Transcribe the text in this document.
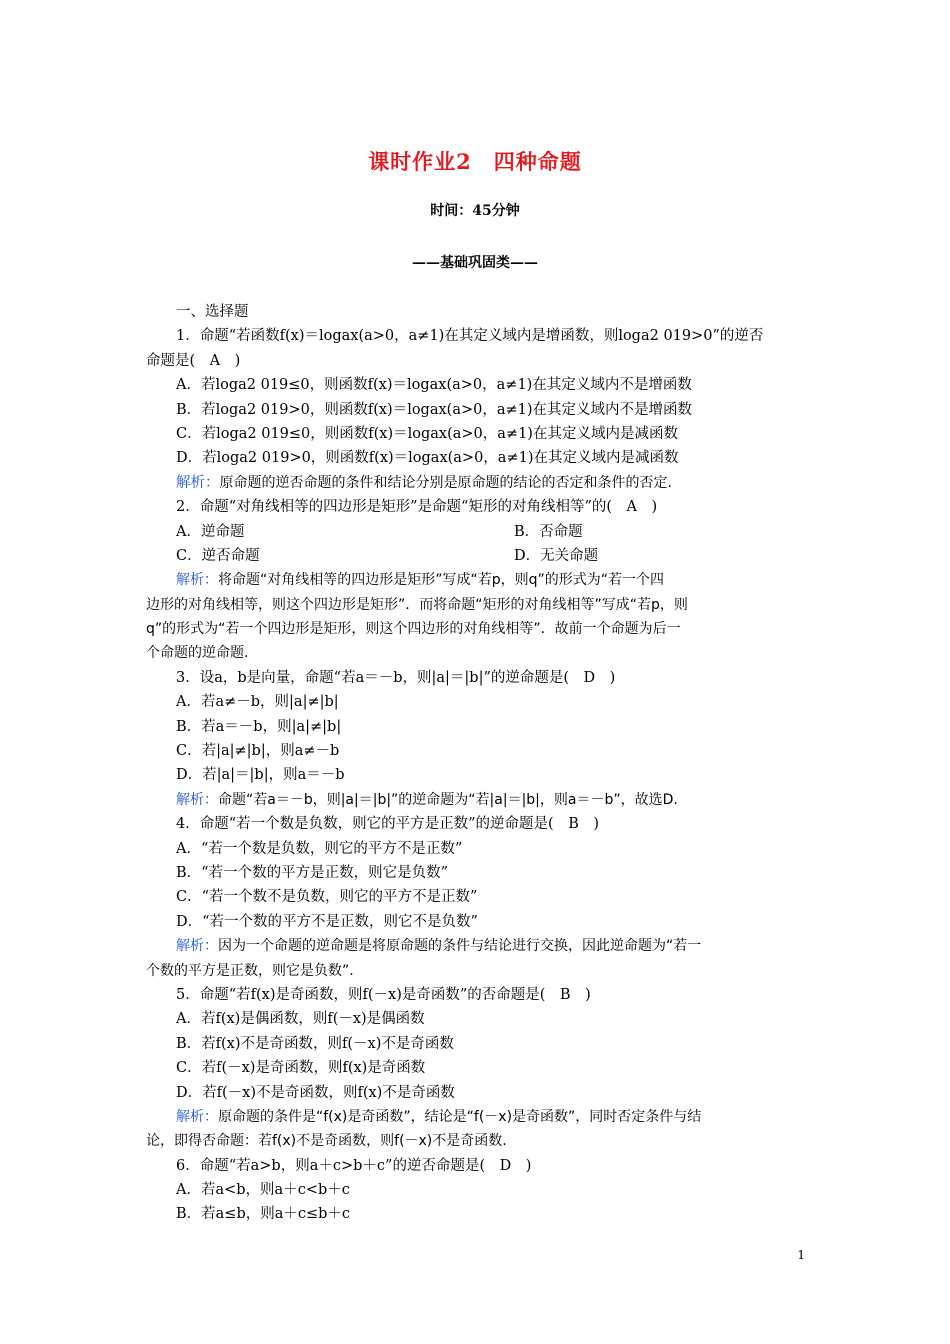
课时作业2　四种命题
时间：45分钟
——基础巩固类——
一、选择题
1．命题“若函数f(x)＝logax(a>0，a≠1)在其定义域内是增函数，则loga2 019>0”的逆否
命题是(　A　)
A．若loga2 019≤0，则函数f(x)＝logax(a>0，a≠1)在其定义域内不是增函数
B．若loga2 019>0，则函数f(x)＝logax(a>0，a≠1)在其定义域内不是增函数
C．若loga2 019≤0，则函数f(x)＝logax(a>0，a≠1)在其定义域内是减函数
D．若loga2 019>0，则函数f(x)＝logax(a>0，a≠1)在其定义域内是减函数
解析：原命题的逆否命题的条件和结论分别是原命题的结论的否定和条件的否定.
2．命题“对角线相等的四边形是矩形”是命题“矩形的对角线相等”的(　A　)
A．逆命题	B．否命题
C．逆否命题	D．无关命题
解析：将命题“对角线相等的四边形是矩形”写成“若p，则q”的形式为“若一个四
边形的对角线相等，则这个四边形是矩形”．而将命题“矩形的对角线相等”写成“若p，则
q”的形式为“若一个四边形是矩形，则这个四边形的对角线相等”．故前一个命题为后一
个命题的逆命题.
3．设a，b是向量，命题“若a＝－b，则|a|＝|b|”的逆命题是(　D　)
A．若a≠－b，则|a|≠|b|
B．若a＝－b，则|a|≠|b|
C．若|a|≠|b|，则a≠－b
D．若|a|＝|b|，则a＝－b
解析：命题“若a＝－b，则|a|＝|b|”的逆命题为“若|a|＝|b|，则a＝－b”，故选D.
4．命题“若一个数是负数，则它的平方是正数”的逆命题是(　B　)
A．“若一个数是负数，则它的平方不是正数”
B．“若一个数的平方是正数，则它是负数”
C．“若一个数不是负数，则它的平方不是正数”
D．“若一个数的平方不是正数，则它不是负数”
解析：因为一个命题的逆命题是将原命题的条件与结论进行交换，因此逆命题为“若一
个数的平方是正数，则它是负数”.
5．命题“若f(x)是奇函数，则f(－x)是奇函数”的否命题是(　B　)
A．若f(x)是偶函数，则f(－x)是偶函数
B．若f(x)不是奇函数，则f(－x)不是奇函数
C．若f(－x)是奇函数，则f(x)是奇函数
D．若f(－x)不是奇函数，则f(x)不是奇函数
解析：原命题的条件是“f(x)是奇函数”，结论是“f(－x)是奇函数”，同时否定条件与结
论，即得否命题：若f(x)不是奇函数，则f(－x)不是奇函数.
6．命题“若a>b，则a＋c>b＋c”的逆否命题是(　D　)
A．若a<b，则a＋c<b＋c
B．若a≤b，则a＋c≤b＋c
1
